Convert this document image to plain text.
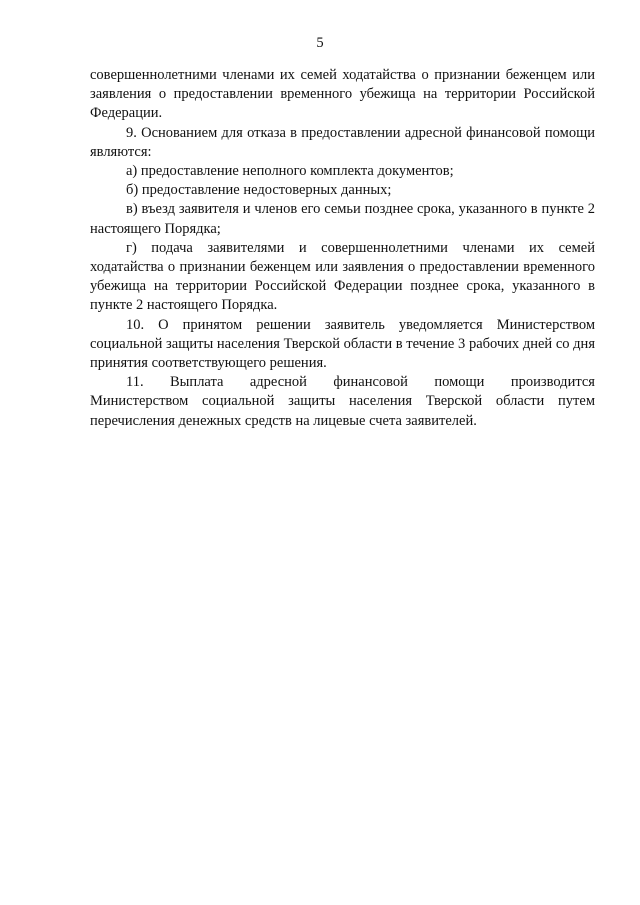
5

совершеннолетними членами их семей ходатайства о признании беженцем или заявления о предоставлении временного убежища на территории Российской Федерации.

9. Основанием для отказа в предоставлении адресной финансовой помощи являются:

а) предоставление неполного комплекта документов;

б) предоставление недостоверных данных;

в) въезд заявителя и членов его семьи позднее срока, указанного в пункте 2 настоящего Порядка;

г) подача заявителями и совершеннолетними членами их семей ходатайства о признании беженцем или заявления о предоставлении временного убежища на территории Российской Федерации позднее срока, указанного в пункте 2 настоящего Порядка.

10. О принятом решении заявитель уведомляется Министерством социальной защиты населения Тверской области в течение 3 рабочих дней со дня принятия соответствующего решения.

11. Выплата адресной финансовой помощи производится
Министерством социальной защиты населения Тверской области путем перечисления денежных средств на лицевые счета заявителей.
